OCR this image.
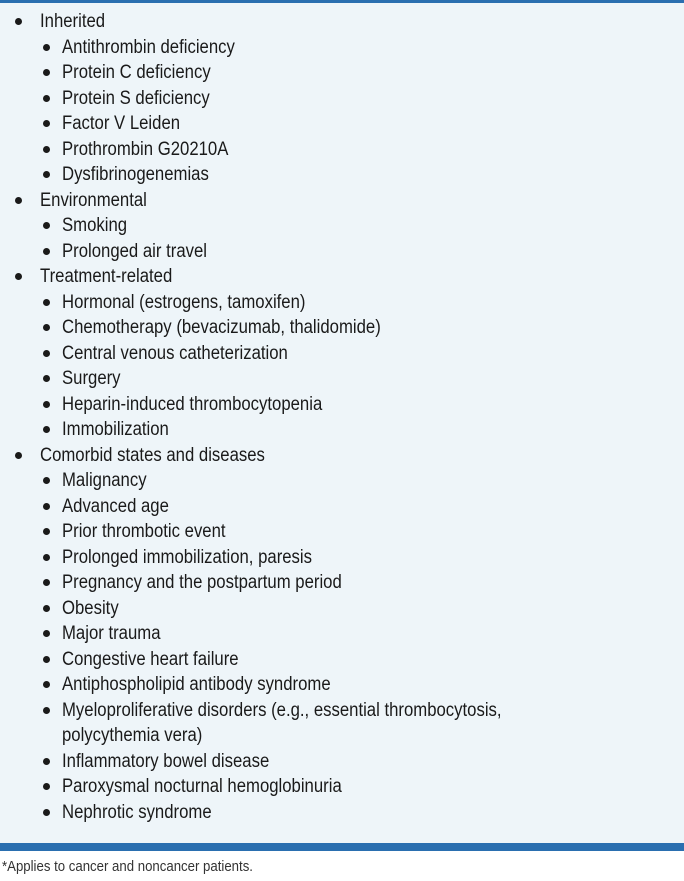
Inherited
Antithrombin deficiency
Protein C deficiency
Protein S deficiency
Factor V Leiden
Prothrombin G20210A
Dysfibrinogenemias
Environmental
Smoking
Prolonged air travel
Treatment-related
Hormonal (estrogens, tamoxifen)
Chemotherapy (bevacizumab, thalidomide)
Central venous catheterization
Surgery
Heparin-induced thrombocytopenia
Immobilization
Comorbid states and diseases
Malignancy
Advanced age
Prior thrombotic event
Prolonged immobilization, paresis
Pregnancy and the postpartum period
Obesity
Major trauma
Congestive heart failure
Antiphospholipid antibody syndrome
Myeloproliferative disorders (e.g., essential thrombocytosis, polycythemia vera)
Inflammatory bowel disease
Paroxysmal nocturnal hemoglobinuria
Nephrotic syndrome
*Applies to cancer and noncancer patients.
